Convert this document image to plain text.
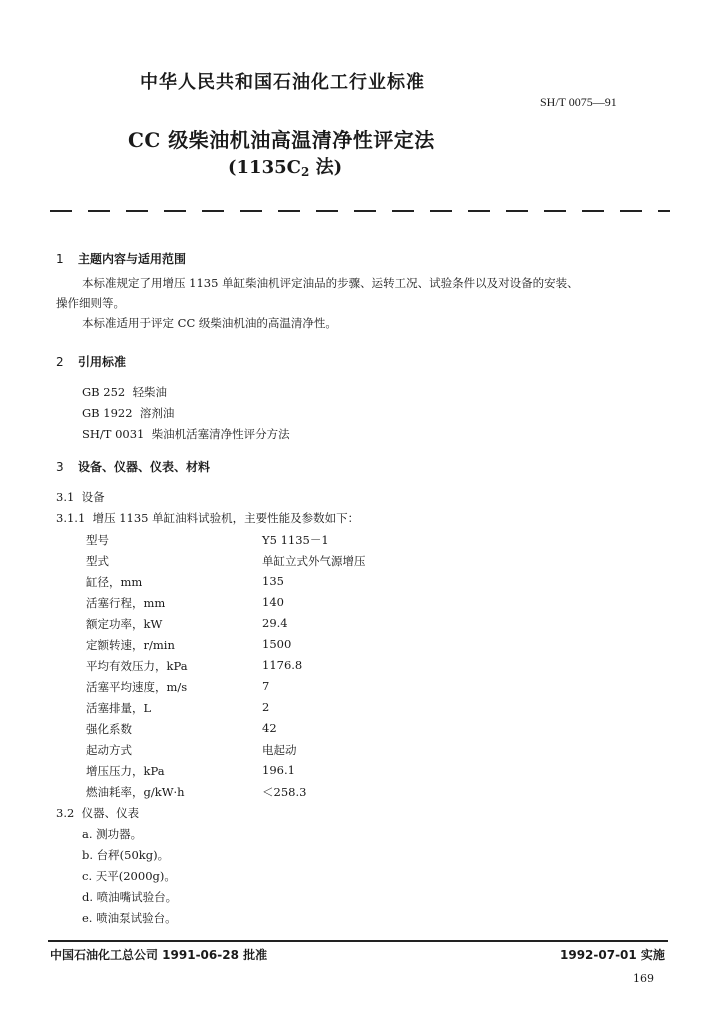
中华人民共和国石油化工行业标准
SH/T 0075—91
CC 级柴油机油高温清净性评定法
($1135C_2$ 法)
1 主题内容与适用范围
本标准规定了用增压 1135 单缸柴油机评定油品的步骤、运转工况、试验条件以及对设备的安装、
操作细则等。
本标准适用于评定 CC 级柴油机油的高温清净性。
2 引用标准
GB 252 轻柴油
GB 1922 溶剂油
SH/T 0031 柴油机活塞清净性评分方法
3 设备、仪器、仪表、材料
3.1 设备
3.1.1 增压 1135 单缸油料试验机，主要性能及参数如下：
型号	Y5 1135－1
型式	单缸立式外气源增压
缸径，mm	135
活塞行程，mm	140
额定功率，kW	29.4
定额转速，r/min	1500
平均有效压力，kPa	1176.8
活塞平均速度，m/s	7
活塞排量，L	2
强化系数	42
起动方式	电起动
增压压力，kPa	196.1
燃油耗率，g/kW·h	＜258.3
3.2 仪器、仪表
a. 测功器。
b. 台秤(50kg)。
c. 天平(2000g)。
d. 喷油嘴试验台。
e. 喷油泵试验台。
中国石油化工总公司 1991-06-28 批准	1992-07-01 实施
169
